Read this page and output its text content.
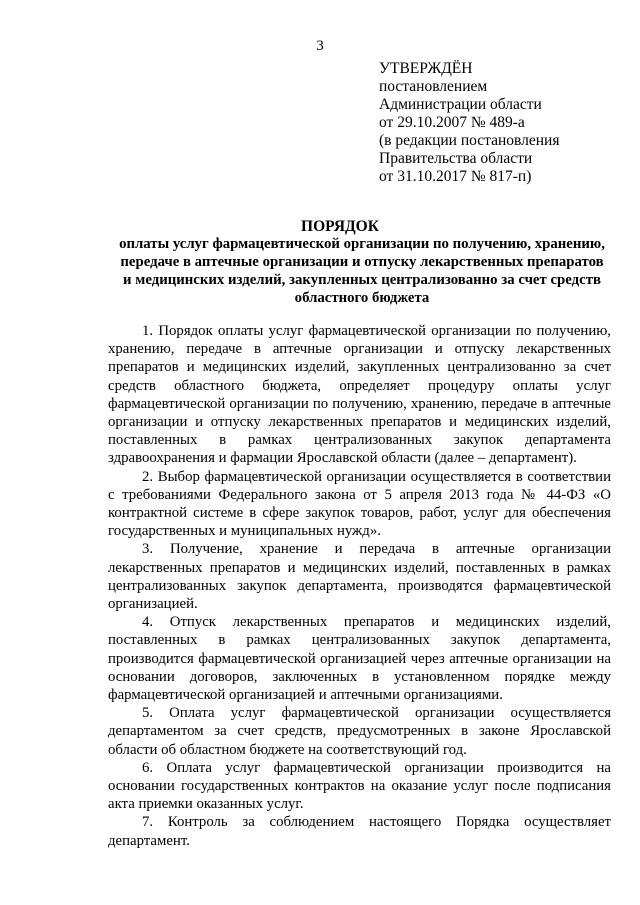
3
УТВЕРЖДЁН
постановлением
Администрации области
от 29.10.2007 № 489-а
(в редакции постановления
Правительства области
от 31.10.2017 № 817-п)
ПОРЯДОК
оплаты услуг фармацевтической организации по получению, хранению,
передаче в аптечные организации и отпуску лекарственных препаратов
и медицинских изделий, закупленных централизованно за счет средств
областного бюджета

1. Порядок оплаты услуг фармацевтической организации по получению, хранению, передаче в аптечные организации и отпуску лекарственных препаратов и медицинских изделий, закупленных централизованно за счет средств областного бюджета, определяет процедуру оплаты услуг фармацевтической организации по получению, хранению, передаче в аптечные организации и отпуску лекарственных препаратов и медицинских изделий, поставленных в рамках централизованных закупок департамента здравоохранения и фармации Ярославской области (далее – департамент).

2. Выбор фармацевтической организации осуществляется в соответствии с требованиями Федерального закона от 5 апреля 2013 года № 44-ФЗ «О контрактной системе в сфере закупок товаров, работ, услуг для обеспечения государственных и муниципальных нужд».

3. Получение, хранение и передача в аптечные организации лекарственных препаратов и медицинских изделий, поставленных в рамках централизованных закупок департамента, производятся фармацевтической организацией.

4. Отпуск лекарственных препаратов и медицинских изделий, поставленных в рамках централизованных закупок департамента, производится фармацевтической организацией через аптечные организации на основании договоров, заключенных в установленном порядке между фармацевтической организацией и аптечными организациями.

5. Оплата услуг фармацевтической организации осуществляется департаментом за счет средств, предусмотренных в законе Ярославской области об областном бюджете на соответствующий год.

6. Оплата услуг фармацевтической организации производится на основании государственных контрактов на оказание услуг после подписания акта приемки оказанных услуг.

7. Контроль за соблюдением настоящего Порядка осуществляет департамент.
